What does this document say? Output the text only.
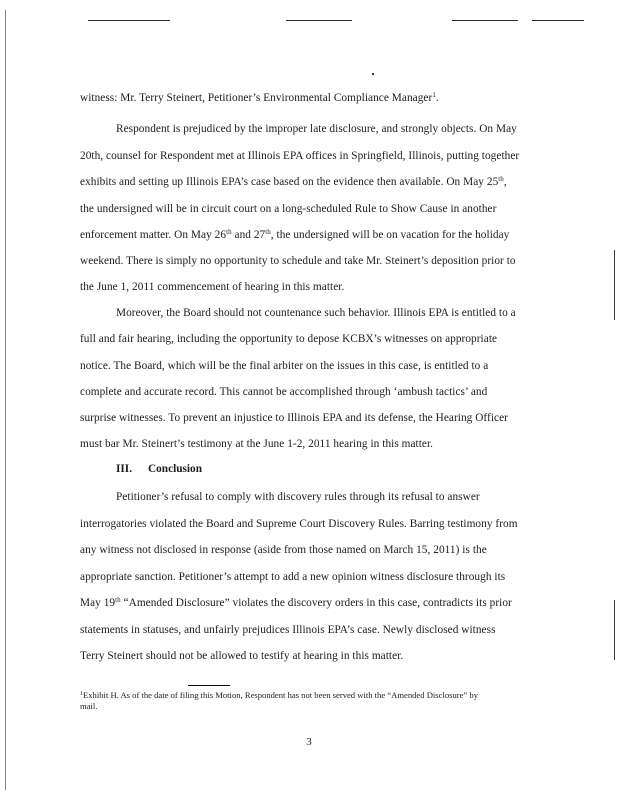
witness: Mr. Terry Steinert, Petitioner’s Environmental Compliance Manager$^1$.
Respondent is prejudiced by the improper late disclosure, and strongly objects. On May
20th, counsel for Respondent met at Illinois EPA offices in Springfield, Illinois, putting together
exhibits and setting up Illinois EPA’s case based on the evidence then available. On May 25th,
the undersigned will be in circuit court on a long-scheduled Rule to Show Cause in another
enforcement matter. On May 26th and 27th, the undersigned will be on vacation for the holiday
weekend. There is simply no opportunity to schedule and take Mr. Steinert’s deposition prior to
the June 1, 2011 commencement of hearing in this matter.
Moreover, the Board should not countenance such behavior. Illinois EPA is entitled to a
full and fair hearing, including the opportunity to depose KCBX’s witnesses on appropriate
notice. The Board, which will be the final arbiter on the issues in this case, is entitled to a
complete and accurate record. This cannot be accomplished through ‘ambush tactics’ and
surprise witnesses. To prevent an injustice to Illinois EPA and its defense, the Hearing Officer
must bar Mr. Steinert’s testimony at the June 1-2, 2011 hearing in this matter.
III. Conclusion
Petitioner’s refusal to comply with discovery rules through its refusal to answer
interrogatories violated the Board and Supreme Court Discovery Rules. Barring testimony from
any witness not disclosed in response (aside from those named on March 15, 2011) is the
appropriate sanction. Petitioner’s attempt to add a new opinion witness disclosure through its
May 19th “Amended Disclosure” violates the discovery orders in this case, contradicts its prior
statements in statuses, and unfairly prejudices Illinois EPA’s case. Newly disclosed witness
Terry Steinert should not be allowed to testify at hearing in this matter.
$^1$Exhibit H. As of the date of filing this Motion, Respondent has not been served with the “Amended Disclosure” by
mail.
3
